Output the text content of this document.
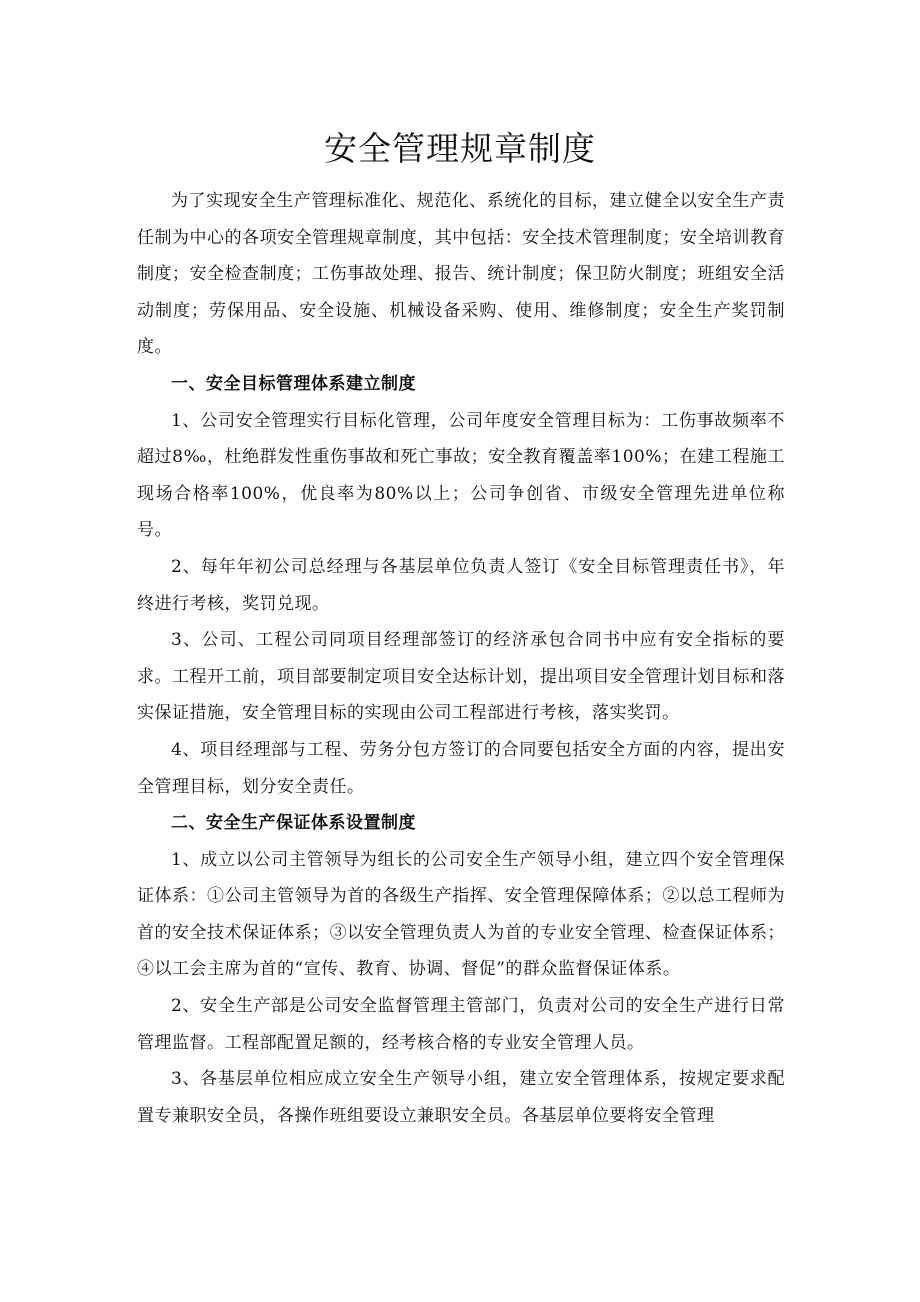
安全管理规章制度

为了实现安全生产管理标准化、规范化、系统化的目标，建立健全以安全生产责任制为中心的各项安全管理规章制度，其中包括：安全技术管理制度；安全培训教育制度；安全检查制度；工伤事故处理、报告、统计制度；保卫防火制度；班组安全活动制度；劳保用品、安全设施、机械设备采购、使用、维修制度；安全生产奖罚制度。

一、安全目标管理体系建立制度

1、公司安全管理实行目标化管理，公司年度安全管理目标为：工伤事故频率不超过8‰，杜绝群发性重伤事故和死亡事故；安全教育覆盖率100%；在建工程施工现场合格率100%，优良率为80%以上；公司争创省、市级安全管理先进单位称号。

2、每年年初公司总经理与各基层单位负责人签订《安全目标管理责任书》，年终进行考核，奖罚兑现。

3、公司、工程公司同项目经理部签订的经济承包合同书中应有安全指标的要求。工程开工前，项目部要制定项目安全达标计划，提出项目安全管理计划目标和落实保证措施，安全管理目标的实现由公司工程部进行考核，落实奖罚。

4、项目经理部与工程、劳务分包方签订的合同要包括安全方面的内容，提出安全管理目标，划分安全责任。

二、安全生产保证体系设置制度

1、成立以公司主管领导为组长的公司安全生产领导小组，建立四个安全管理保证体系：①公司主管领导为首的各级生产指挥、安全管理保障体系；②以总工程师为首的安全技术保证体系；③以安全管理负责人为首的专业安全管理、检查保证体系；④以工会主席为首的“宣传、教育、协调、督促”的群众监督保证体系。

2、安全生产部是公司安全监督管理主管部门，负责对公司的安全生产进行日常管理监督。工程部配置足额的，经考核合格的专业安全管理人员。

3、各基层单位相应成立安全生产领导小组，建立安全管理体系，按规定要求配置专兼职安全员，各操作班组要设立兼职安全员。各基层单位要将安全管理
